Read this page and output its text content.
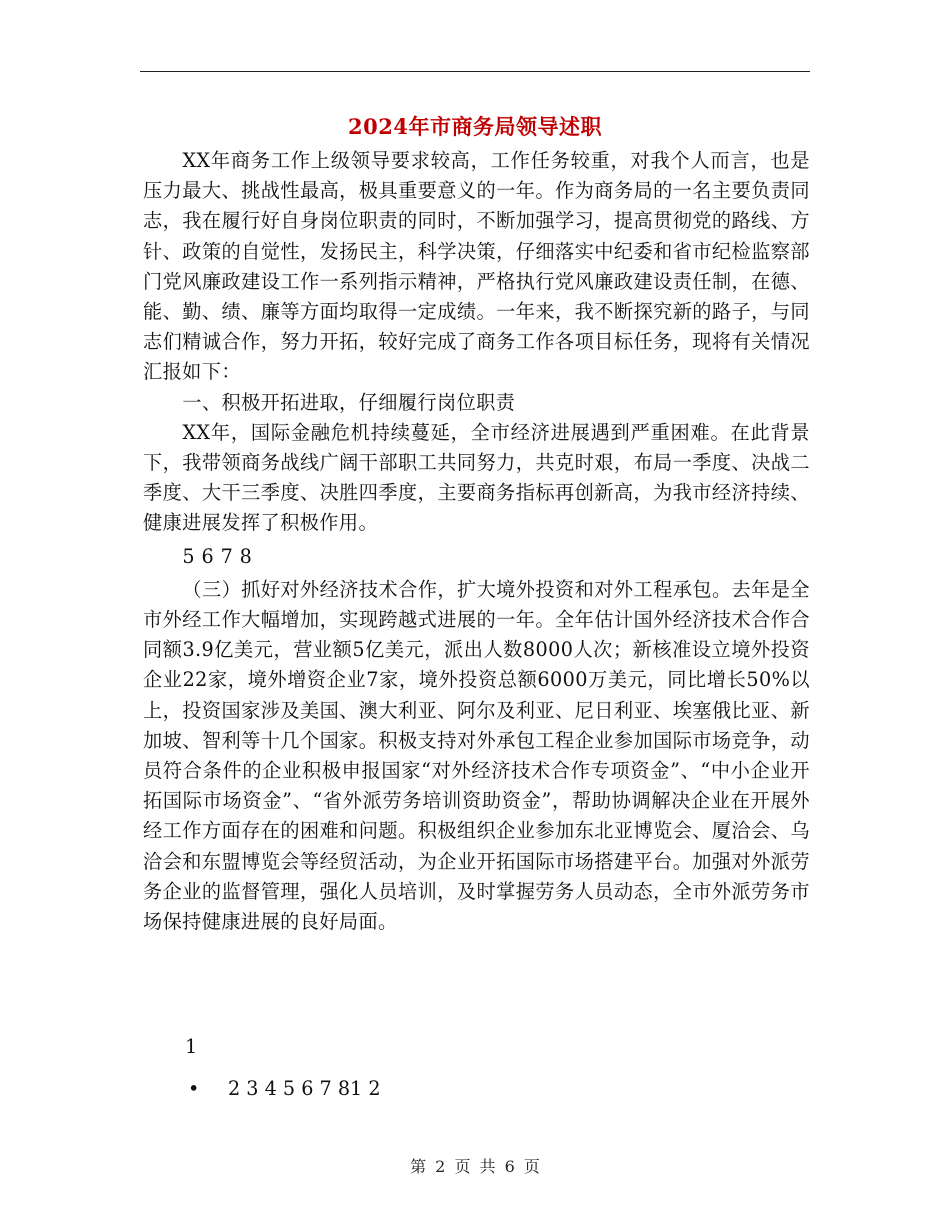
2024年市商务局领导述职

XX年商务工作上级领导要求较高，工作任务较重，对我个人而言，也是压力最大、挑战性最高，极具重要意义的一年。作为商务局的一名主要负责同志，我在履行好自身岗位职责的同时，不断加强学习，提高贯彻党的路线、方针、政策的自觉性，发扬民主，科学决策，仔细落实中纪委和省市纪检监察部门党风廉政建设工作一系列指示精神，严格执行党风廉政建设责任制，在德、能、勤、绩、廉等方面均取得一定成绩。一年来，我不断探究新的路子，与同志们精诚合作，努力开拓，较好完成了商务工作各项目标任务，现将有关情况汇报如下：

一、积极开拓进取，仔细履行岗位职责

XX年，国际金融危机持续蔓延，全市经济进展遇到严重困难。在此背景下，我带领商务战线广阔干部职工共同努力，共克时艰，布局一季度、决战二季度、大干三季度、决胜四季度，主要商务指标再创新高，为我市经济持续、健康进展发挥了积极作用。

5 6 7 8

（三）抓好对外经济技术合作，扩大境外投资和对外工程承包。去年是全市外经工作大幅增加，实现跨越式进展的一年。全年估计国外经济技术合作合同额3.9亿美元，营业额5亿美元，派出人数8000人次；新核准设立境外投资企业22家，境外增资企业7家，境外投资总额6000万美元，同比增长50%以上，投资国家涉及美国、澳大利亚、阿尔及利亚、尼日利亚、埃塞俄比亚、新加坡、智利等十几个国家。积极支持对外承包工程企业参加国际市场竞争，动员符合条件的企业积极申报国家“对外经济技术合作专项资金”、“中小企业开拓国际市场资金”、“省外派劳务培训资助资金”，帮助协调解决企业在开展外经工作方面存在的困难和问题。积极组织企业参加东北亚博览会、厦洽会、乌洽会和东盟博览会等经贸活动，为企业开拓国际市场搭建平台。加强对外派劳务企业的监督管理，强化人员培训，及时掌握劳务人员动态，全市外派劳务市场保持健康进展的良好局面。

1
• 2 3 4 5 6 7 81 2
第 2 页 共 6 页
